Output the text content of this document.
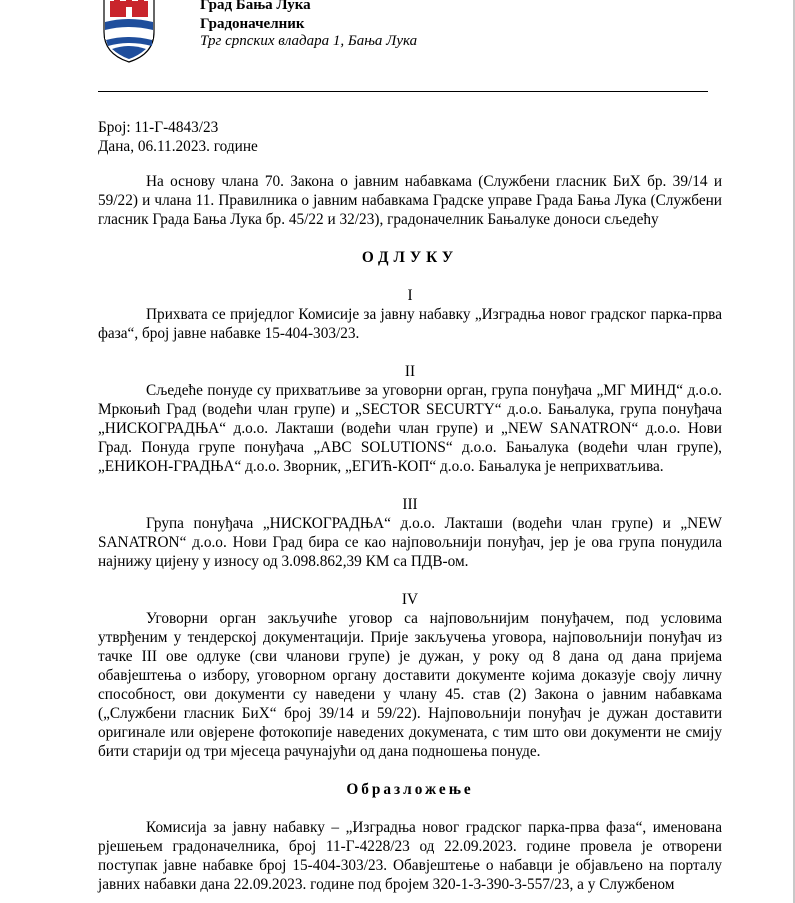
Град Бања Лука
Градоначелник
Трг српских владара 1, Бања Лука

Број: 11-Г-4843/23

Дана, 06.11.2023. године

На основу члана 70. Закона о јавним набавкама (Службени гласник БиХ бр. 39/14 и 59/22) и члана 11. Правилника о јавним набавкама Градске управе Града Бања Лука (Службени гласник Града Бања Лука бр. 45/22 и 32/23), градоначелник Бањалуке доноси сљедећу

ОДЛУКУ

I

Прихвата се приједлог Комисије за јавну набавку „Изградња новог градског парка-прва фаза“, број јавне набавке 15-404-303/23.

II

Сљедеће понуде су прихватљиве за уговорни орган, група понуђача „МГ МИНД“ д.о.о. Мркоњић Град (водећи члан групе) и „SECTOR SECURTY“ д.о.о. Бањалука, група понуђача „НИСКОГРАДЊА“ д.о.о. Лакташи (водећи члан групе) и „NEW SANATRON“ д.о.о. Нови Град. Понуда групе понуђача „ABC SOLUTIONS“ д.о.о. Бањалука (водећи члан групе), „ЕНИКОН-ГРАДЊА“ д.о.о. Зворник, „ЕГИЋ-КОП“ д.о.о. Бањалука је неприхватљива.

III

Група понуђача „НИСКОГРАДЊА“ д.о.о. Лакташи (водећи члан групе) и „NEW SANATRON“ д.о.о. Нови Град бира се као најповољнији понуђач, јер је ова група понудила најнижу цијену у износу од 3.098.862,39 КМ са ПДВ-ом.

IV

Уговорни орган закључиће уговор са најповољнијим понуђачем, под условима утврђеним у тендерској документацији. Прије закључења уговора, најповољнији понуђач из тачке III ове одлуке (сви чланови групе) је дужан, у року од 8 дана од дана пријема обавјештења о избору, уговорном органу доставити документе којима доказује своју личну способност, ови документи су наведени у члану 45. став (2) Закона о јавним набавкама („Службени гласник БиХ“ број 39/14 и 59/22). Најповољнији понуђач је дужан доставити оригинале или овјерене фотокопије наведених докумената, с тим што ови документи не смију бити старији од три мјесеца рачунајући од дана подношења понуде.

Образложење

Комисија за јавну набавку – „Изградња новог градског парка-прва фаза“, именована рјешењем градоначелника, број 11-Г-4228/23 од 22.09.2023. године провела је отворени поступак јавне набавке број 15-404-303/23. Обавјештење о набавци је објављено на порталу јавних набавки дана 22.09.2023. године под бројем 320-1-3-390-3-557/23, а у Службеном
